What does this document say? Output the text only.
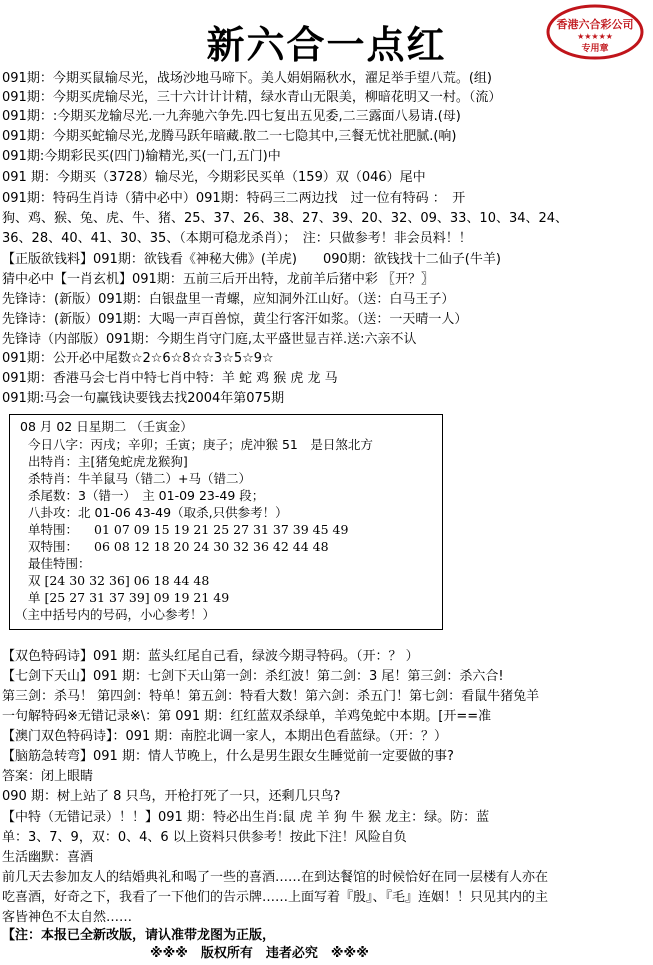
新六合一点红	香港六合彩公司
★★★★★
专用章
091期：今期买鼠输尽光，战场沙地马啼下。美人娟娟隔秋水，濯足举手望八荒。(组)
091期：今期买虎输尽光，三十六计计计精，绿水青山无限美，柳暗花明又一村。（流）
091期：:今期买龙输尽光.一九奔驰六争先.四七复出五见委,二三露面八易请.(母)
091期：今期买蛇输尽光,龙腾马跃年暗藏.散二一七隐其中,三餐无忧社肥腻.(响)
091期:今期彩民买(四门)输精光,买(一门,五门)中
091 期：今期买（3728）输尽光，今期彩民买单（159）双（046）尾中
091期：特码生肖诗（猜中必中）091期：特码三二两边找　过一位有特码 ：　开
狗、鸡、猴、兔、虎、牛、猪、25、37、26、38、27、39、20、32、09、33、10、34、24、
36、28、40、41、30、35、（本期可稳龙杀肖）；　注：只做参考！非会员料！！
【正版欲钱料】091期：欲钱看《神秘大佛》(羊虎)　　090期：欲钱找十二仙子(牛羊)
猜中必中【一肖玄机】091期：五前三后开出特，龙前羊后猪中彩 〖开？〗
先锋诗：(新版）091期：白银盘里一青螺，应知洞外江山好。（送：白马王子）
先锋诗：(新版）091期：大喝一声百兽惊，黄尘行客汗如浆。（送：一天晴一人）
先锋诗（内部版）091期：今期生肖守门庭,太平盛世显吉祥.送:六亲不认
091期：公开必中尾数☆2☆6☆8☆☆3☆5☆9☆
091期：香港马会七肖中特七肖中特：羊 蛇 鸡 猴 虎 龙 马
091期:马会一句赢钱诀要钱去找2004年第075期
08 月 02 日星期二 （壬寅金）
今日八字：丙戌；辛卯；壬寅；庚子；虎冲猴 51　是日煞北方
出特肖：主[猪兔蛇虎龙猴狗]
杀特肖：牛羊鼠马（错二）+马（错二）
杀尾数：3（错一）　主 01-09 23-49 段；
八卦攻：北 01-06 43-49（取杀,只供参考！）
单特围： 01 07 09 15 19 21 25 27 31 37 39 45 49
双特围： 06 08 12 18 20 24 30 32 36 42 44 48
最佳特围：
双 [24 30 32 36] 06 18 44 48
单 [25 27 31 37 39] 09 19 21 49
（主中括号内的号码，小心参考！）
【双色特码诗】091 期：蓝头红尾自己看，绿波今期寻特码。（开：？ ）
【七剑下天山】091 期：七剑下天山第一剑：杀红波！第二剑：3 尾！第三剑：杀六合!
第三剑：杀马！ 第四剑：特单！第五剑：特看大数！第六剑：杀五门！第七剑：看鼠牛猪兔羊
一句解特码※无错记录※\：第 091 期：红红蓝双杀绿单，羊鸡兔蛇中本期。[开==准
【澳门双色特码诗】：091 期：南腔北调一家人，本期出色看蓝绿。（开：？）
【脑筋急转弯】091 期：情人节晚上，什么是男生跟女生睡觉前一定要做的事?
答案：闭上眼睛
090 期：树上站了 8 只鸟，开枪打死了一只，还剩几只鸟?
【中特（无错记录）！！】091 期：特必出生肖:鼠 虎 羊 狗 牛 猴 龙主：绿。防：蓝
单：3、7、9，双：0、4、6 以上资料只供参考！按此下注！风险自负
生活幽默：喜酒
前几天去参加友人的结婚典礼和喝了一些的喜酒……在到达餐馆的时候恰好在同一层楼有人亦在
吃喜酒，好奇之下，我看了一下他们的告示牌……上面写着『殷』、『毛』连姻！！只见其内的主
客皆神色不太自然……
【注：本报已全新改版，请认准带龙图为正版，
※※※　版权所有　违者必究　※※※
